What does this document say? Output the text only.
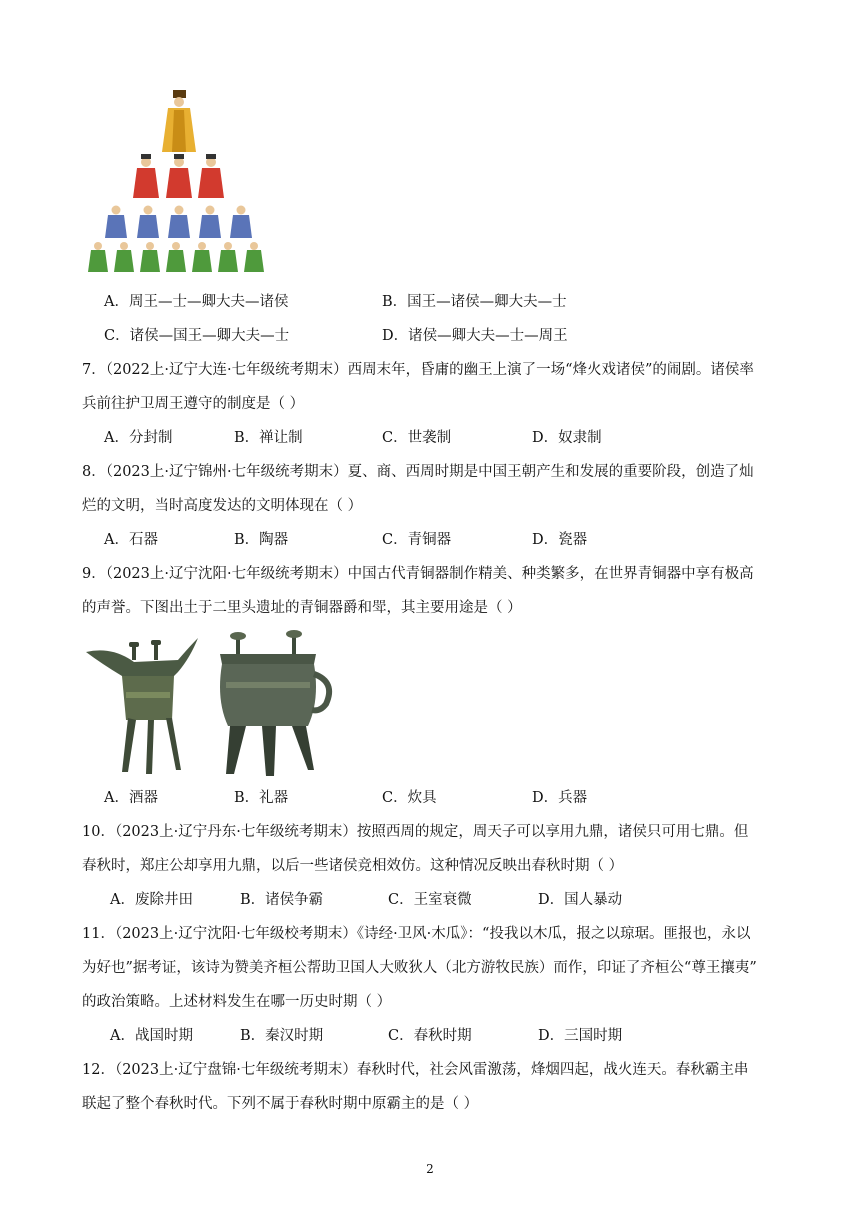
A．周王—士—卿大夫—诸侯	B．国王—诸侯—卿大夫—士
C．诸侯—国王—卿大夫—士	D．诸侯—卿大夫—士—周王
7．（2022上·辽宁大连·七年级统考期末）西周末年，昏庸的幽王上演了一场“烽火戏诸侯”的闹剧。诸侯率
兵前往护卫周王遵守的制度是（ ）
A．分封制	B．禅让制	C．世袭制	D．奴隶制
8．（2023上·辽宁锦州·七年级统考期末）夏、商、西周时期是中国王朝产生和发展的重要阶段，创造了灿
烂的文明，当时高度发达的文明体现在（ ）
A．石器	B．陶器	C．青铜器	D．瓷器
9．（2023上·辽宁沈阳·七年级统考期末）中国古代青铜器制作精美、种类繁多，在世界青铜器中享有极高
的声誉。下图出土于二里头遗址的青铜器爵和斝，其主要用途是（ ）
A．酒器	B．礼器	C．炊具	D．兵器
10．（2023上·辽宁丹东·七年级统考期末）按照西周的规定，周天子可以享用九鼎，诸侯只可用七鼎。但
春秋时，郑庄公却享用九鼎，以后一些诸侯竞相效仿。这种情况反映出春秋时期（ ）
A．废除井田	B．诸侯争霸	C．王室衰微	D．国人暴动
11．（2023上·辽宁沈阳·七年级校考期末）《诗经·卫风·木瓜》：“投我以木瓜，报之以琼琚。匪报也，永以
为好也”据考证，该诗为赞美齐桓公帮助卫国人大败狄人（北方游牧民族）而作，印证了齐桓公“尊王攘夷”
的政治策略。上述材料发生在哪一历史时期（ ）
A．战国时期	B．秦汉时期	C．春秋时期	D．三国时期
12．（2023上·辽宁盘锦·七年级统考期末）春秋时代，社会风雷激荡，烽烟四起，战火连天。春秋霸主串
联起了整个春秋时代。下列不属于春秋时期中原霸主的是（ ）
2
